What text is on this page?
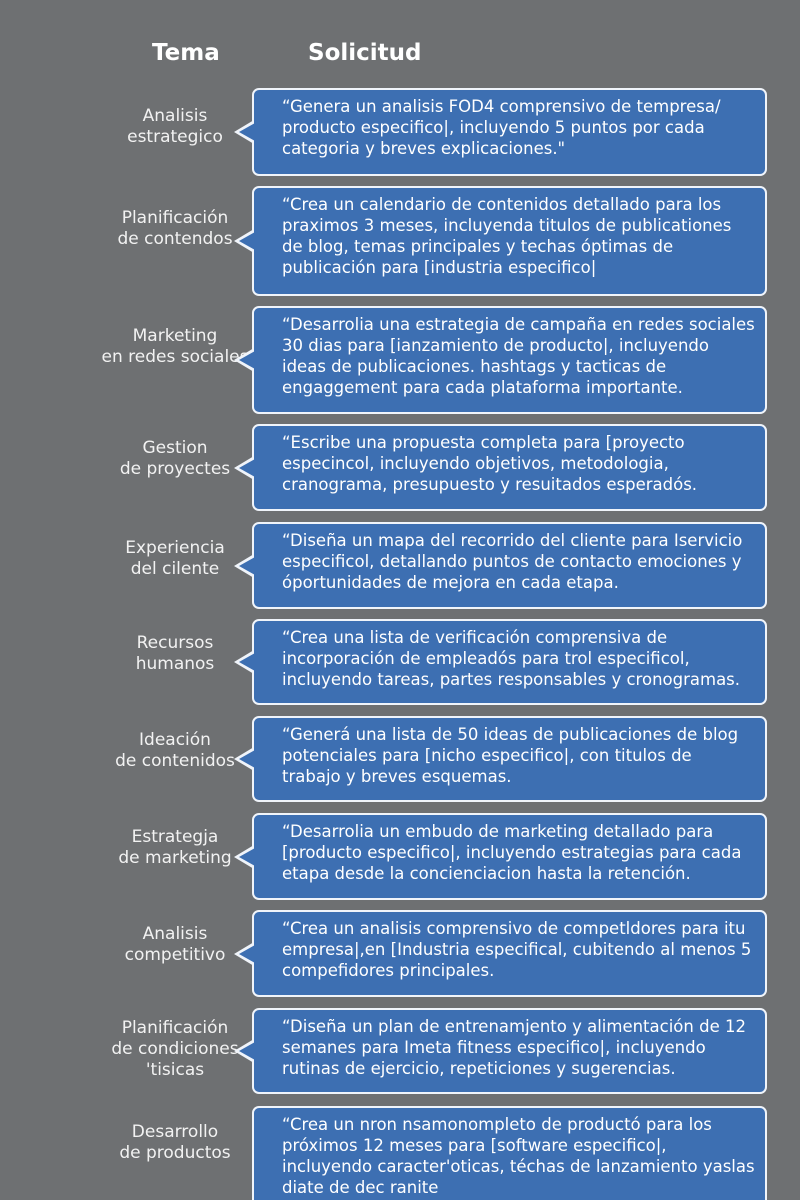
Tema	Solicitud
Analisis
estrategico
“Genera un analisis FOD4 comprensivo de tempresa/ producto especifico|, incluyendo 5 puntos por cada categoria y breves explicaciones."
Planificación
de contendos
“Crea un calendario de contenidos detallado para los praximos 3 meses, incluyenda titulos de publicationes de blog, temas principales y techas óptimas de publicación para [industria especifico|
Marketing
en redes sociales
“Desarrolia una estrategia de campaña en redes sociales 30 dias para [ianzamiento de producto|, incluyendo ideas de publicaciones. hashtags y tacticas de engaggement para cada plataforma importante.
Gestion
de proyectes
“Escribe una propuesta completa para [proyecto especincol, incluyendo objetivos, metodologia, cranograma, presupuesto y resuitados esperadós.
Experiencia
del cilente
“Diseña un mapa del recorrido del cliente para Iservicio especificol, detallando puntos de contacto emociones y óportunidades de mejora en cada etapa.
Recursos
humanos
“Crea una lista de verificación comprensiva de incorporación de empleadós para trol especificol, incluyendo tareas, partes responsables y cronogramas.
Ideación
de contenidos
“Generá una lista de 50 ideas de publicaciones de blog potenciales para [nicho especifico|, con titulos de trabajo y breves esquemas.
Estrategja
de marketing
“Desarrolia un embudo de marketing detallado para [producto especifico|, incluyendo estrategias para cada etapa desde la concienciacion hasta la retención.
Analisis
competitivo
“Crea un analisis comprensivo de competldores para itu empresa|,en [Industria especifical, cubitendo al menos 5 compefidores principales.
Planificación
de condiciones
'tisicas
“Diseña un plan de entrenamjento y alimentación de 12 semanes para Imeta fitness especifico|, incluyendo rutinas de ejercicio, repeticiones y sugerencias.
Desarrollo
de productos
“Crea un nron nsamonompleto de productó para los próximos 12 meses para [software especifico|, incluyendo caracter'oticas, téchas de lanzamiento yaslas diate de dec ranite
